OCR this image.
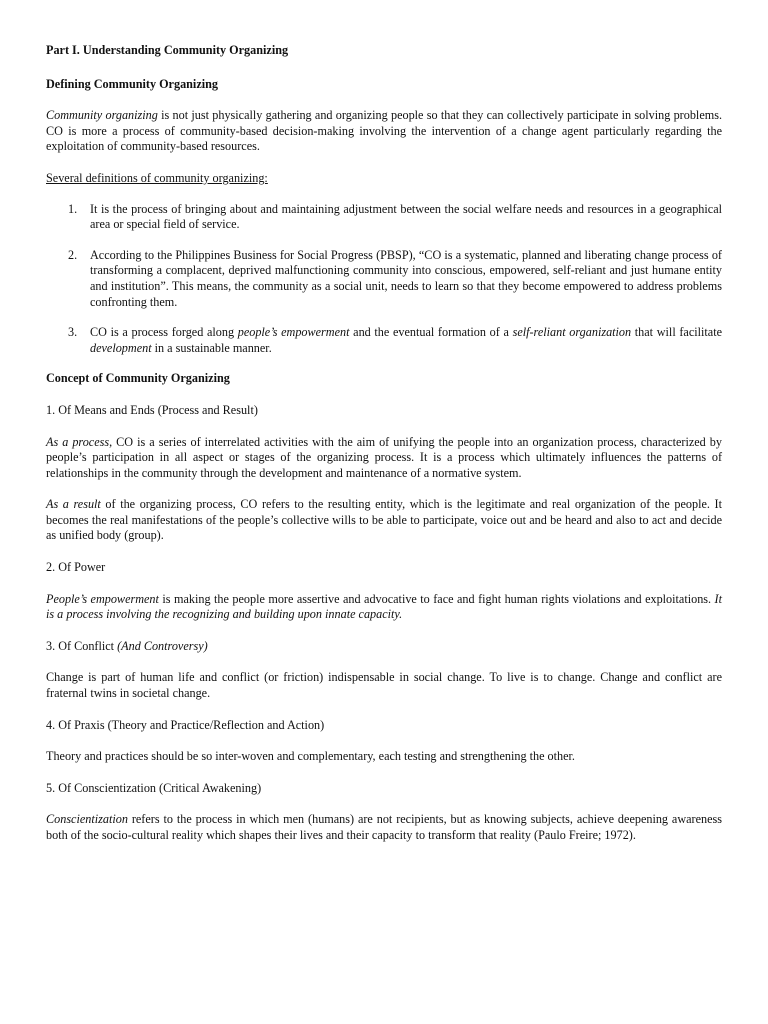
Part I. Understanding Community Organizing

Defining Community Organizing

Community organizing is not just physically gathering and organizing people so that they can collectively participate in solving problems. CO is more a process of community-based decision-making involving the intervention of a change agent particularly regarding the exploitation of community-based resources.

Several definitions of community organizing:

1. It is the process of bringing about and maintaining adjustment between the social welfare needs and resources in a geographical area or special field of service.
2. According to the Philippines Business for Social Progress (PBSP), “CO is a systematic, planned and liberating change process of transforming a complacent, deprived malfunctioning community into conscious, empowered, self-reliant and just humane entity and institution”. This means, the community as a social unit, needs to learn so that they become empowered to address problems confronting them.
3. CO is a process forged along people’s empowerment and the eventual formation of a self-reliant organization that will facilitate development in a sustainable manner.

Concept of Community Organizing

1. Of Means and Ends (Process and Result)

As a process, CO is a series of interrelated activities with the aim of unifying the people into an organization process, characterized by people’s participation in all aspect or stages of the organizing process. It is a process which ultimately influences the patterns of relationships in the community through the development and maintenance of a normative system.

As a result of the organizing process, CO refers to the resulting entity, which is the legitimate and real organization of the people. It becomes the real manifestations of the people’s collective wills to be able to participate, voice out and be heard and also to act and decide as unified body (group).

2. Of Power

People’s empowerment is making the people more assertive and advocative to face and fight human rights violations and exploitations. It is a process involving the recognizing and building upon innate capacity.

3. Of Conflict (And Controversy)

Change is part of human life and conflict (or friction) indispensable in social change. To live is to change. Change and conflict are fraternal twins in societal change.

4. Of Praxis (Theory and Practice/Reflection and Action)

Theory and practices should be so inter-woven and complementary, each testing and strengthening the other.

5. Of Conscientization (Critical Awakening)

Conscientization refers to the process in which men (humans) are not recipients, but as knowing subjects, achieve deepening awareness both of the socio-cultural reality which shapes their lives and their capacity to transform that reality (Paulo Freire; 1972).
